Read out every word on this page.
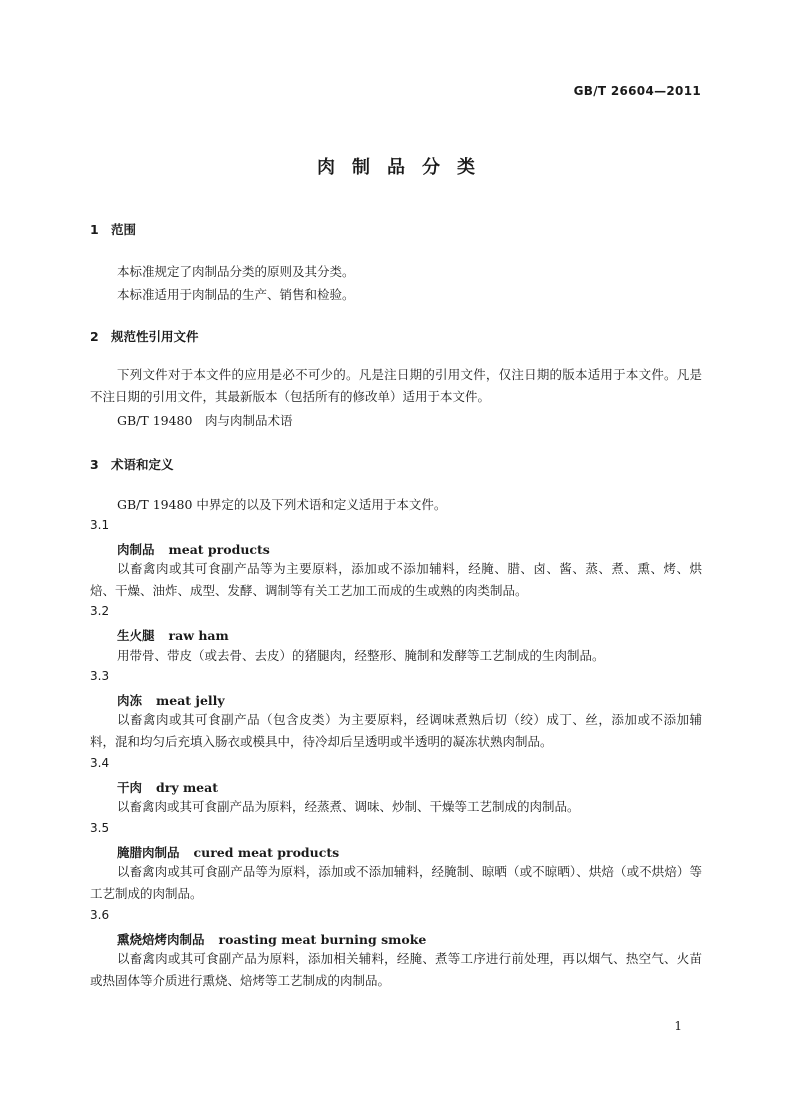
GB/T 26604—2011
肉制品分类
1 范围
本标准规定了肉制品分类的原则及其分类。
本标准适用于肉制品的生产、销售和检验。
2 规范性引用文件
下列文件对于本文件的应用是必不可少的。凡是注日期的引用文件，仅注日期的版本适用于本文件。凡是不注日期的引用文件，其最新版本（包括所有的修改单）适用于本文件。
GB/T 19480　肉与肉制品术语
3 术语和定义
GB/T 19480 中界定的以及下列术语和定义适用于本文件。
3.1
肉制品 meat products
以畜禽肉或其可食副产品等为主要原料，添加或不添加辅料，经腌、腊、卤、酱、蒸、煮、熏、烤、烘焙、干燥、油炸、成型、发酵、调制等有关工艺加工而成的生或熟的肉类制品。
3.2
生火腿 raw ham
用带骨、带皮（或去骨、去皮）的猪腿肉，经整形、腌制和发酵等工艺制成的生肉制品。
3.3
肉冻 meat jelly
以畜禽肉或其可食副产品（包含皮类）为主要原料，经调味煮熟后切（绞）成丁、丝，添加或不添加辅料，混和均匀后充填入肠衣或模具中，待冷却后呈透明或半透明的凝冻状熟肉制品。
3.4
干肉 dry meat
以畜禽肉或其可食副产品为原料，经蒸煮、调味、炒制、干燥等工艺制成的肉制品。
3.5
腌腊肉制品 cured meat products
以畜禽肉或其可食副产品等为原料，添加或不添加辅料，经腌制、晾晒（或不晾晒）、烘焙（或不烘焙）等工艺制成的肉制品。
3.6
熏烧焙烤肉制品 roasting meat burning smoke
以畜禽肉或其可食副产品为原料，添加相关辅料，经腌、煮等工序进行前处理，再以烟气、热空气、火苗或热固体等介质进行熏烧、焙烤等工艺制成的肉制品。
1
